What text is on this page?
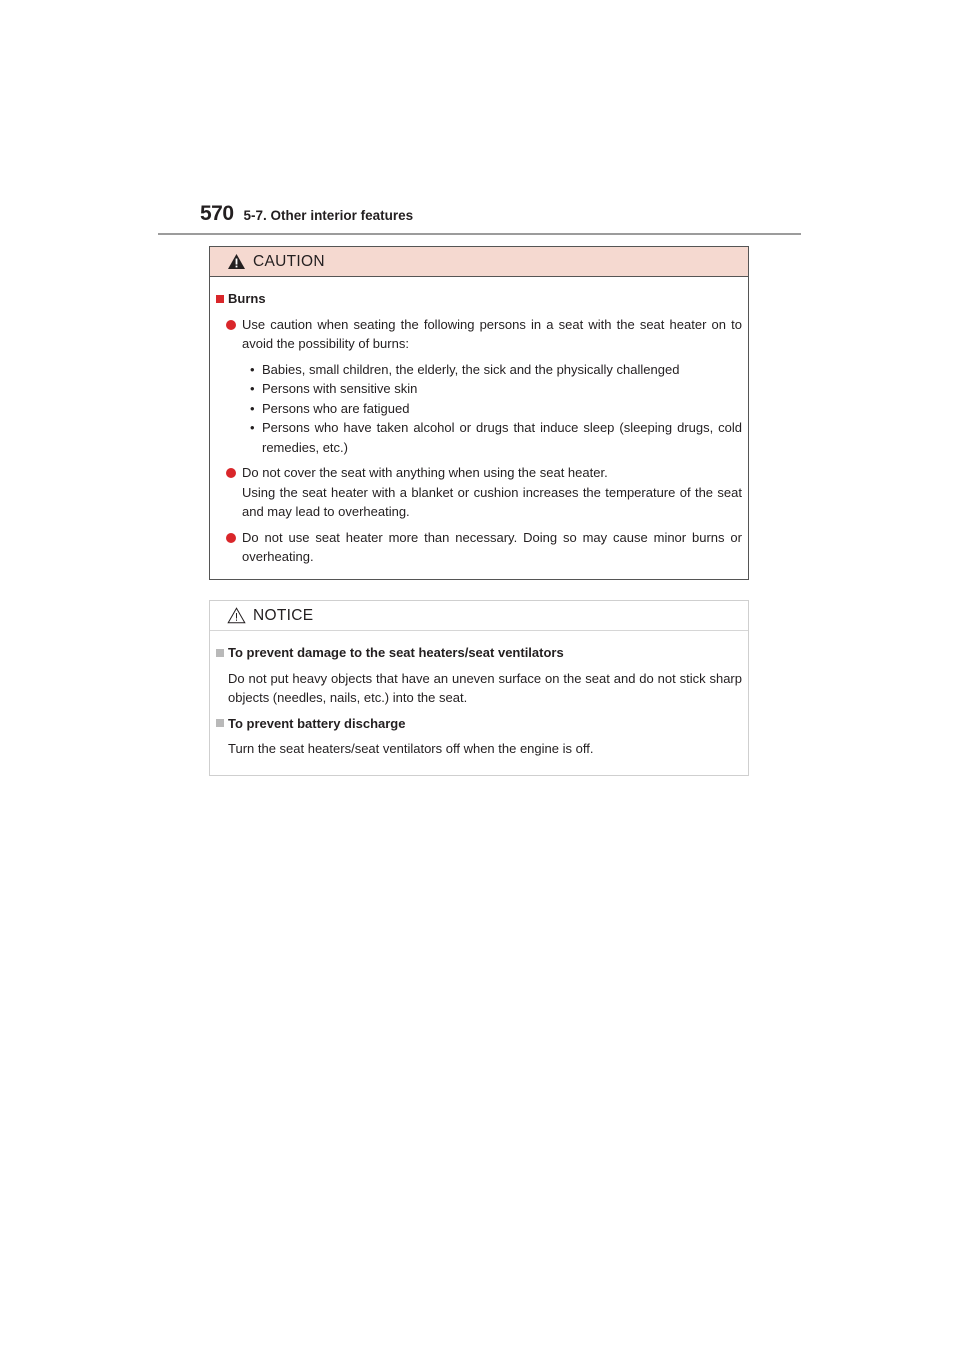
570 5-7. Other interior features
CAUTION
Burns
Use caution when seating the following persons in a seat with the seat heater on to avoid the possibility of burns:
• Babies, small children, the elderly, the sick and the physically challenged
• Persons with sensitive skin
• Persons who are fatigued
• Persons who have taken alcohol or drugs that induce sleep (sleeping drugs, cold remedies, etc.)
Do not cover the seat with anything when using the seat heater.
Using the seat heater with a blanket or cushion increases the temperature of the seat and may lead to overheating.
Do not use seat heater more than necessary. Doing so may cause minor burns or overheating.
NOTICE
To prevent damage to the seat heaters/seat ventilators
Do not put heavy objects that have an uneven surface on the seat and do not stick sharp objects (needles, nails, etc.) into the seat.
To prevent battery discharge
Turn the seat heaters/seat ventilators off when the engine is off.
